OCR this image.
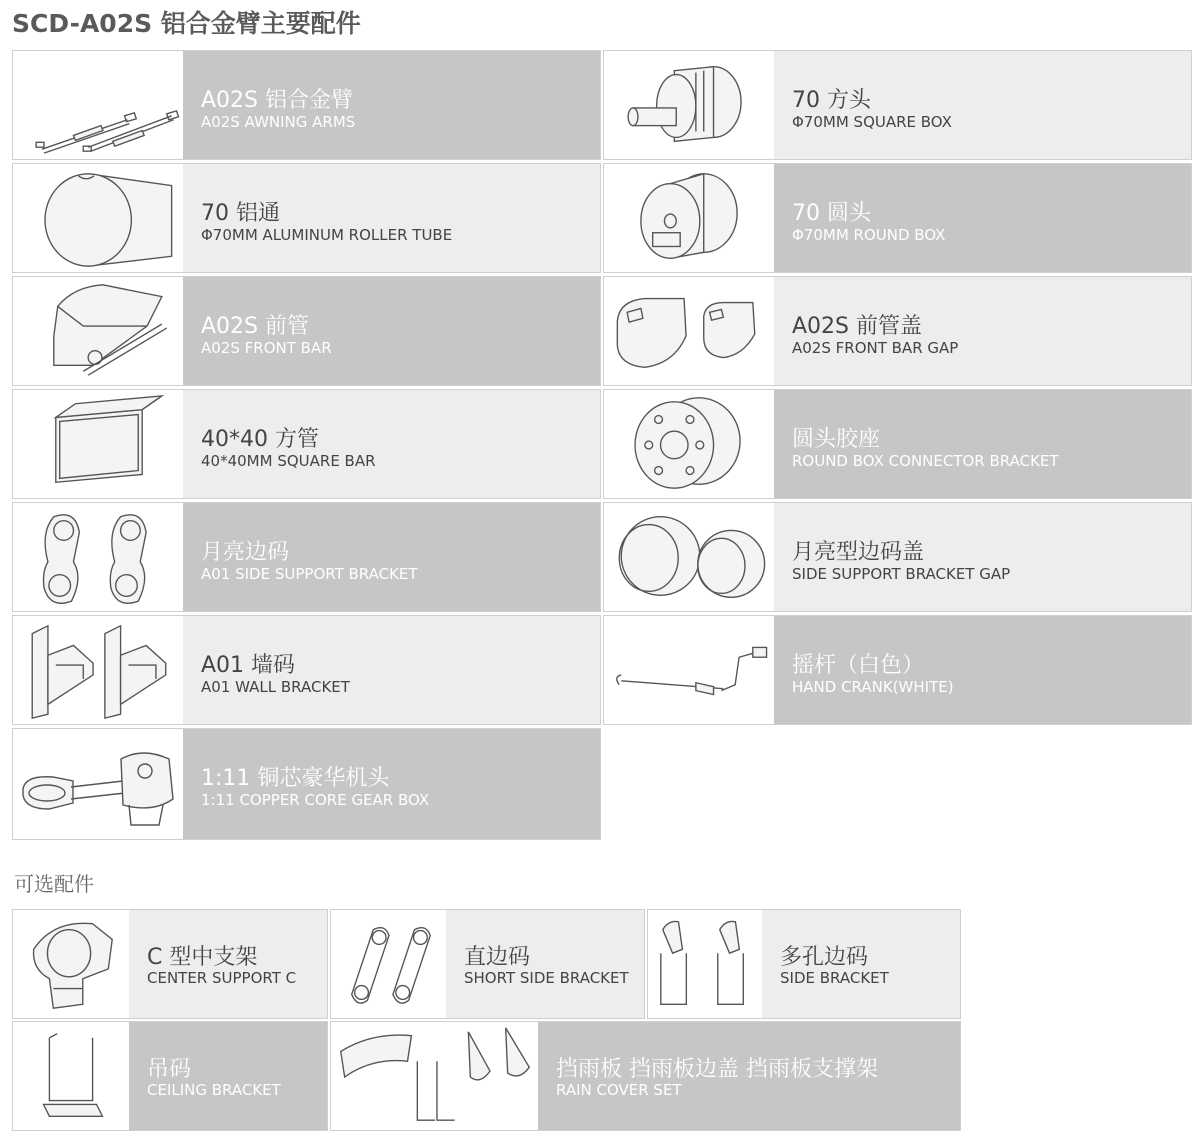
SCD-A02S 铝合金臂主要配件
A02S 铝合金臂
A02S AWNING ARMS
70 方头
Φ70MM SQUARE BOX
70 铝通
Φ70MM ALUMINUM ROLLER TUBE
70 圆头
Φ70MM ROUND BOX
A02S 前管
A02S FRONT BAR
A02S 前管盖
A02S FRONT BAR GAP
40*40 方管
40*40MM SQUARE BAR
圆头胶座
ROUND BOX CONNECTOR BRACKET
月亮边码
A01 SIDE SUPPORT BRACKET
月亮型边码盖
SIDE SUPPORT BRACKET GAP
A01 墙码
A01 WALL BRACKET
摇杆（白色）
HAND CRANK(WHITE)
1:11 铜芯豪华机头
1:11 COPPER CORE GEAR BOX
可选配件
C 型中支架
CENTER SUPPORT C
直边码
SHORT SIDE BRACKET
多孔边码
SIDE BRACKET
吊码
CEILING BRACKET
挡雨板 挡雨板边盖 挡雨板支撑架
RAIN COVER SET
